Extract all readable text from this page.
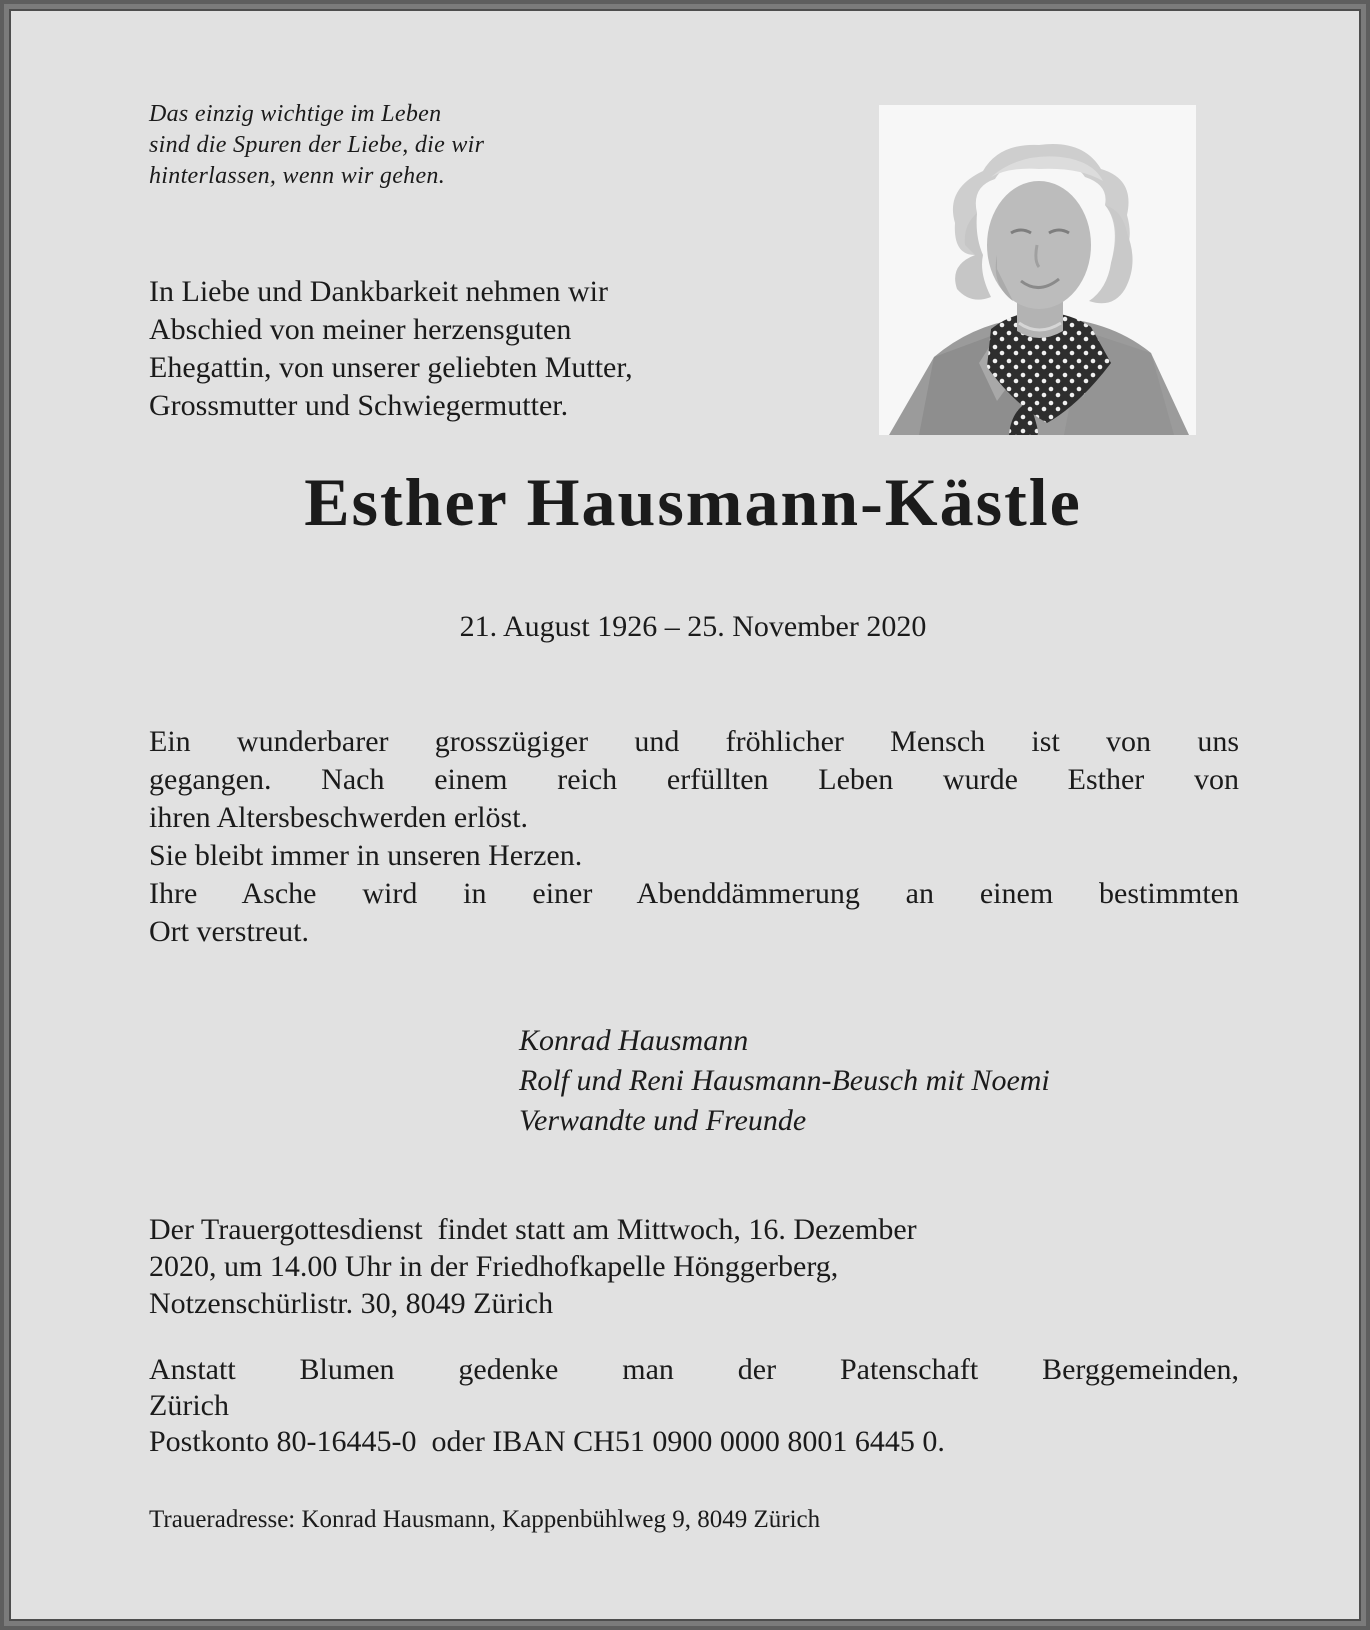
Das einzig wichtige im Leben
sind die Spuren der Liebe, die wir
hinterlassen, wenn wir gehen.
In Liebe und Dankbarkeit nehmen wir
Abschied von meiner herzensguten
Ehegattin, von unserer geliebten Mutter,
Grossmutter und Schwiegermutter.
Esther Hausmann-Kästle
21. August 1926 – 25. November 2020
Ein wunderbarer grosszügiger und fröhlicher Mensch ist von uns
gegangen. Nach einem reich erfüllten Leben wurde Esther von
ihren Altersbeschwerden erlöst.
Sie bleibt immer in unseren Herzen.
Ihre Asche wird in einer Abenddämmerung an einem bestimmten
Ort verstreut.
Konrad Hausmann
Rolf und Reni Hausmann-Beusch mit Noemi
Verwandte und Freunde
Der Trauergottesdienst  findet statt am Mittwoch, 16. Dezember
2020, um 14.00 Uhr in der Friedhofkapelle Hönggerberg,
Notzenschürlistr. 30, 8049 Zürich
Anstatt Blumen gedenke man der Patenschaft Berggemeinden,
Zürich
Postkonto 80-16445-0  oder IBAN CH51 0900 0000 8001 6445 0.
Traueradresse: Konrad Hausmann, Kappenbühlweg 9, 8049 Zürich
